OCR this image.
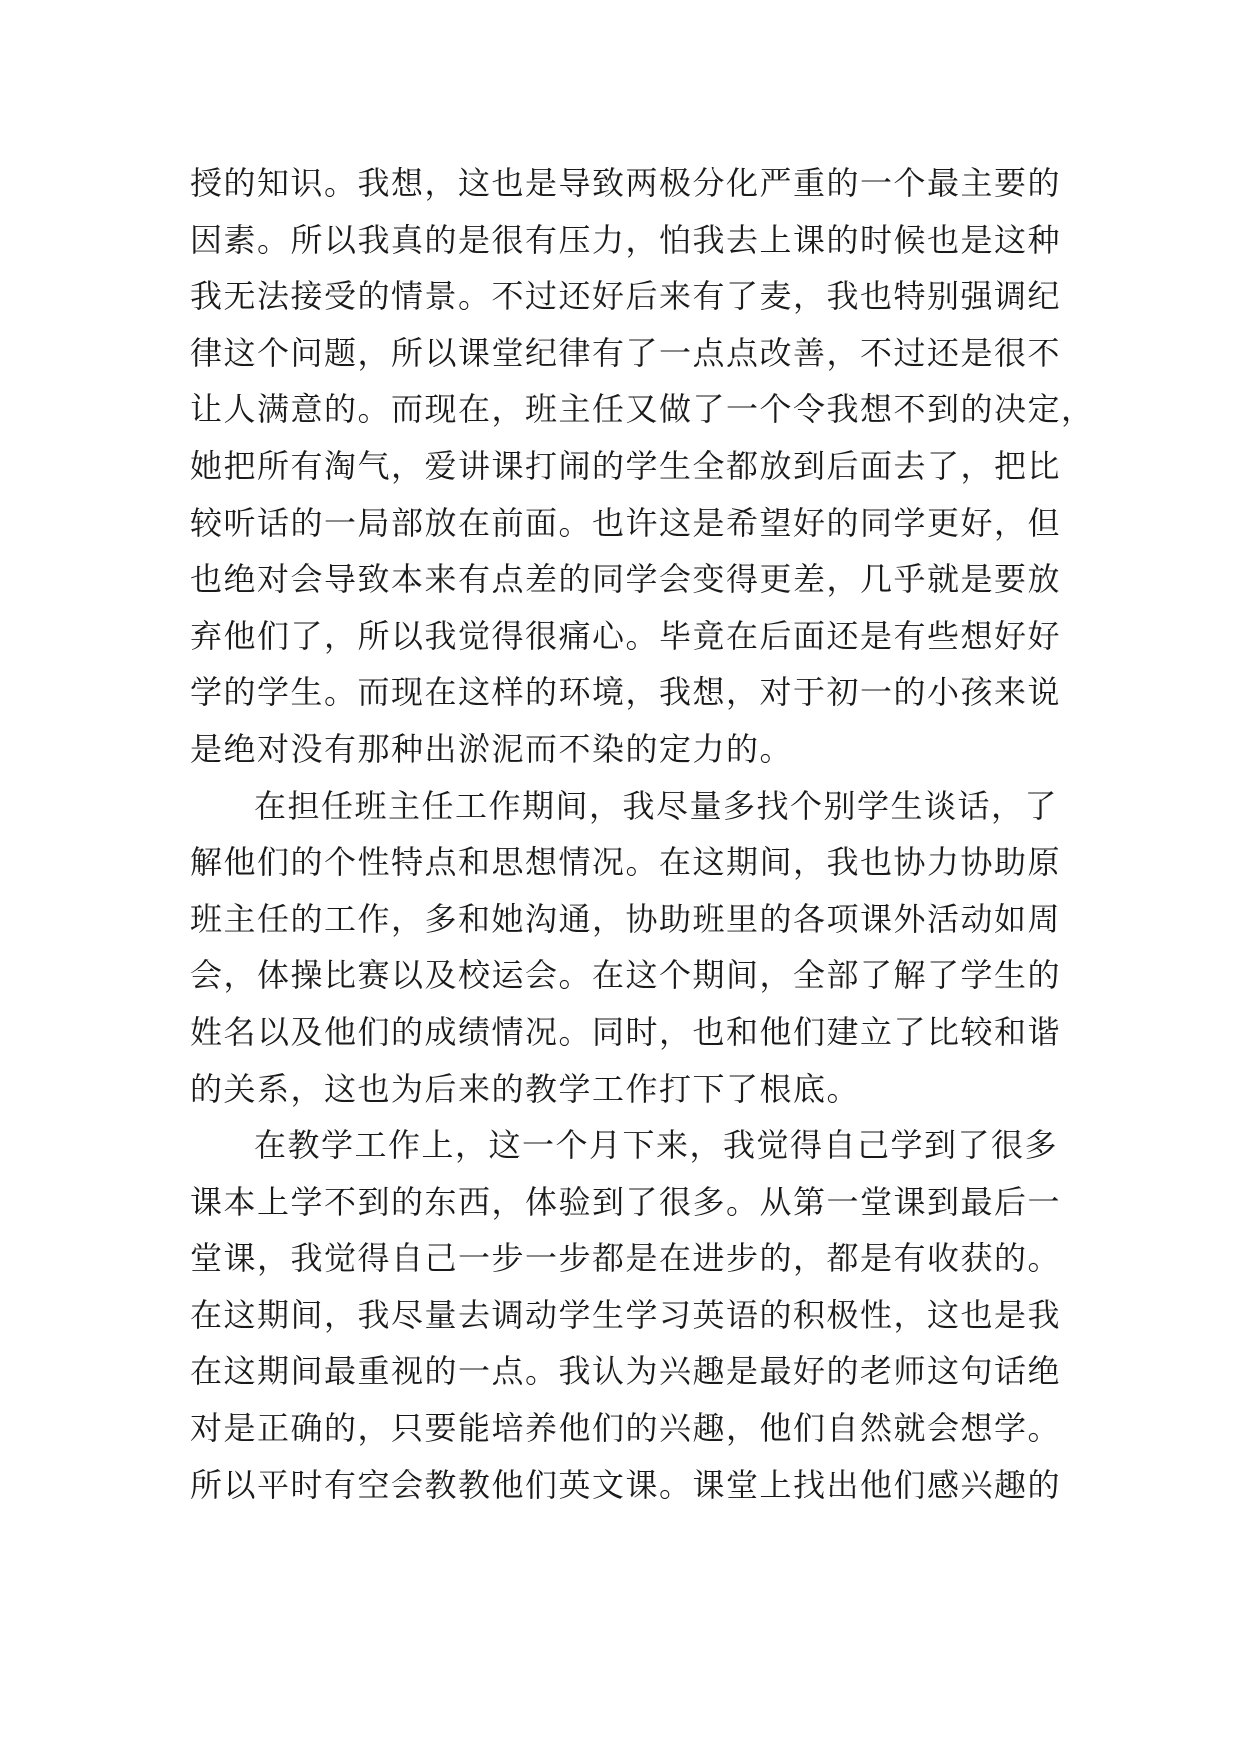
授的知识。我想，这也是导致两极分化严重的一个最主要的
因素。所以我真的是很有压力，怕我去上课的时候也是这种
我无法接受的情景。不过还好后来有了麦，我也特别强调纪
律这个问题，所以课堂纪律有了一点点改善，不过还是很不
让人满意的。而现在，班主任又做了一个令我想不到的决定，
她把所有淘气，爱讲课打闹的学生全都放到后面去了，把比
较听话的一局部放在前面。也许这是希望好的同学更好，但
也绝对会导致本来有点差的同学会变得更差，几乎就是要放
弃他们了，所以我觉得很痛心。毕竟在后面还是有些想好好
学的学生。而现在这样的环境，我想，对于初一的小孩来说
是绝对没有那种出淤泥而不染的定力的。
在担任班主任工作期间，我尽量多找个别学生谈话，了
解他们的个性特点和思想情况。在这期间，我也协力协助原
班主任的工作，多和她沟通，协助班里的各项课外活动如周
会，体操比赛以及校运会。在这个期间，全部了解了学生的
姓名以及他们的成绩情况。同时，也和他们建立了比较和谐
的关系，这也为后来的教学工作打下了根底。
在教学工作上，这一个月下来，我觉得自己学到了很多
课本上学不到的东西，体验到了很多。从第一堂课到最后一
堂课，我觉得自己一步一步都是在进步的，都是有收获的。
在这期间，我尽量去调动学生学习英语的积极性，这也是我
在这期间最重视的一点。我认为兴趣是最好的老师这句话绝
对是正确的，只要能培养他们的兴趣，他们自然就会想学。
所以平时有空会教教他们英文课。课堂上找出他们感兴趣的
